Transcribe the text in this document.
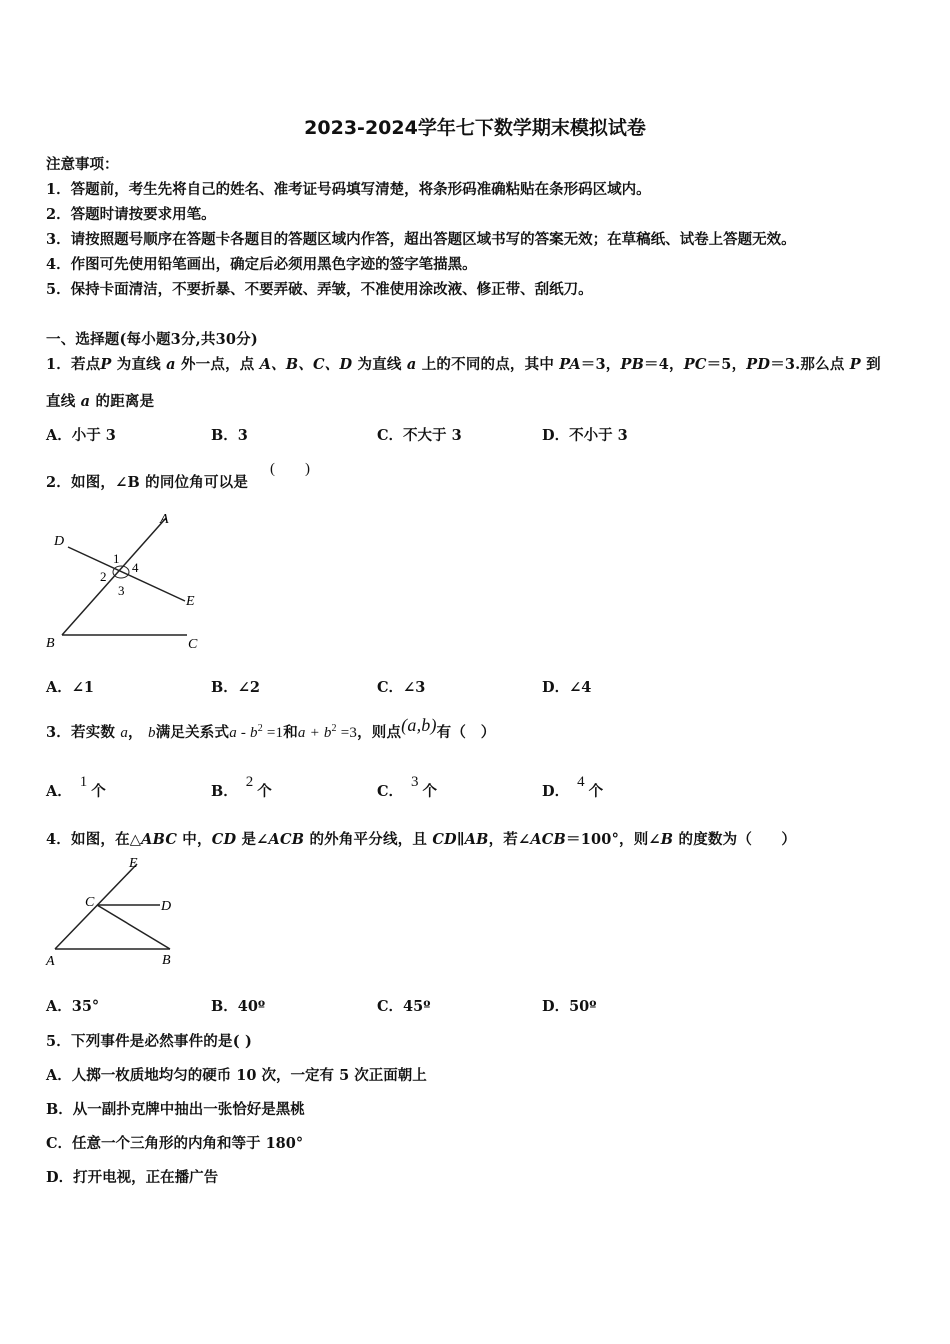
2023-2024学年七下数学期末模拟试卷
注意事项：
1．答题前，考生先将自己的姓名、准考证号码填写清楚，将条形码准确粘贴在条形码区域内。
2．答题时请按要求用笔。
3．请按照题号顺序在答题卡各题目的答题区域内作答，超出答题区域书写的答案无效；在草稿纸、试卷上答题无效。
4．作图可先使用铅笔画出，确定后必须用黑色字迹的签字笔描黑。
5．保持卡面清洁，不要折暴、不要弄破、弄皱，不准使用涂改液、修正带、刮纸刀。
一、选择题(每小题3分,共30分)
1．若点P 为直线 a 外一点，点 A、B、C、D 为直线 a 上的不同的点，其中 PA＝3，PB＝4，PC＝5，PD＝3.那么点 P 到
直线 a 的距离是
A．小于 3	B．3	C．不大于 3	D．不小于 3
2．如图，∠B 的同位角可以是
(　　)
A
B	C
D
E
1
2
3
4
A．∠1	B．∠2	C．∠3	D．∠4
3．若实数 a， b满足关系式$a - b^2 =1$和$a + b^2 =3$，则点(a,b)有（　）
A．1个	B．2个	C．3个	D．4个
4．如图，在△ABC 中，CD 是∠ACB 的外角平分线，且 CD∥AB，若∠ACB＝100°，则∠B 的度数为（　　）
A	B
C	D
E
A．35°	B．40º	C．45º	D．50º
5．下列事件是必然事件的是( )
A．人掷一枚质地均匀的硬币 10 次，一定有 5 次正面朝上
B．从一副扑克牌中抽出一张恰好是黑桃
C．任意一个三角形的内角和等于 180°
D．打开电视，正在播广告
